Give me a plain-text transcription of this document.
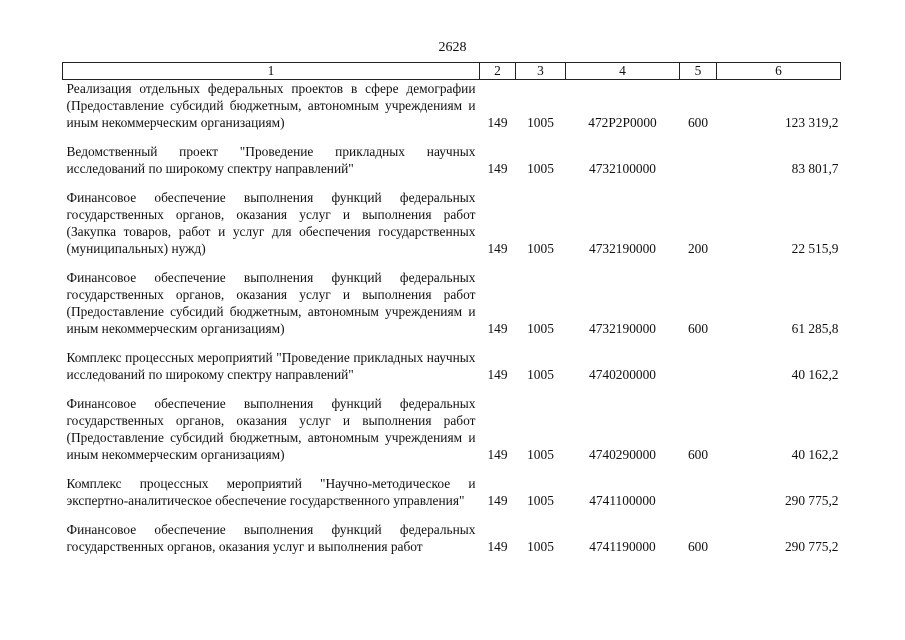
2628
1	2	3	4	5	6
Реализация отдельных федеральных проектов в сфере демографии (Предоставление субсидий бюджетным, автономным учреждениям и иным некоммерческим организациям)	149	1005	472Р2Р0000	600	123 319,2

Ведомственный проект "Проведение прикладных научных исследований по широкому спектру направлений"	149	1005	4732100000		83 801,7

Финансовое обеспечение выполнения функций федеральных государственных органов, оказания услуг и выполнения работ (Закупка товаров, работ и услуг для обеспечения государственных (муниципальных) нужд)	149	1005	4732190000	200	22 515,9

Финансовое обеспечение выполнения функций федеральных государственных органов, оказания услуг и выполнения работ (Предоставление субсидий бюджетным, автономным учреждениям и иным некоммерческим организациям)	149	1005	4732190000	600	61 285,8

Комплекс процессных мероприятий "Проведение прикладных научных исследований по широкому спектру направлений"	149	1005	4740200000		40 162,2

Финансовое обеспечение выполнения функций федеральных государственных органов, оказания услуг и выполнения работ (Предоставление субсидий бюджетным, автономным учреждениям и иным некоммерческим организациям)	149	1005	4740290000	600	40 162,2

Комплекс процессных мероприятий "Научно-методическое и экспертно-аналитическое обеспечение государственного управления"	149	1005	4741100000		290 775,2

Финансовое обеспечение выполнения функций федеральных государственных органов, оказания услуг и выполнения работ	149	1005	4741190000	600	290 775,2
